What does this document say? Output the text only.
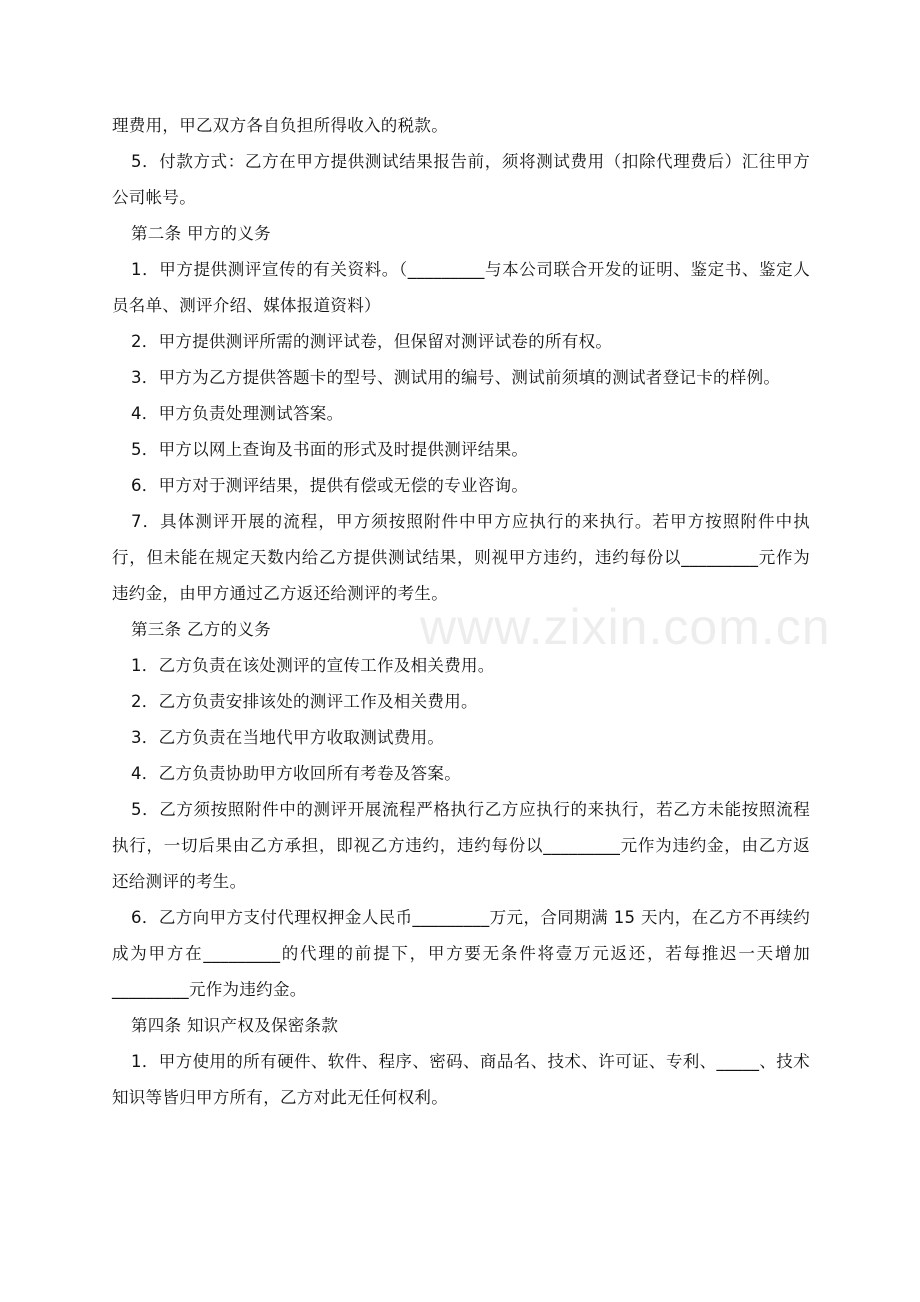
www.zixin.com.cn

理费用，甲乙双方各自负担所得收入的税款。

5．付款方式：乙方在甲方提供测试结果报告前，须将测试费用（扣除代理费后）汇往甲方公司帐号。

第二条 甲方的义务

1．甲方提供测评宣传的有关资料。（_________与本公司联合开发的证明、鉴定书、鉴定人员名单、测评介绍、媒体报道资料）

2．甲方提供测评所需的测评试卷，但保留对测评试卷的所有权。

3．甲方为乙方提供答题卡的型号、测试用的编号、测试前须填的测试者登记卡的样例。

4．甲方负责处理测试答案。

5．甲方以网上查询及书面的形式及时提供测评结果。

6．甲方对于测评结果，提供有偿或无偿的专业咨询。

7．具体测评开展的流程，甲方须按照附件中甲方应执行的来执行。若甲方按照附件中执行，但未能在规定天数内给乙方提供测试结果，则视甲方违约，违约每份以_________元作为违约金，由甲方通过乙方返还给测评的考生。

第三条 乙方的义务

1．乙方负责在该处测评的宣传工作及相关费用。

2．乙方负责安排该处的测评工作及相关费用。

3．乙方负责在当地代甲方收取测试费用。

4．乙方负责协助甲方收回所有考卷及答案。

5．乙方须按照附件中的测评开展流程严格执行乙方应执行的来执行，若乙方未能按照流程执行，一切后果由乙方承担，即视乙方违约，违约每份以_________元作为违约金，由乙方返还给测评的考生。

6．乙方向甲方支付代理权押金人民币_________万元，合同期满 15 天内，在乙方不再续约成为甲方在_________的代理的前提下，甲方要无条件将壹万元返还，若每推迟一天增加_________元作为违约金。

第四条 知识产权及保密条款

1．甲方使用的所有硬件、软件、程序、密码、商品名、技术、许可证、专利、_____、技术知识等皆归甲方所有，乙方对此无任何权利。
